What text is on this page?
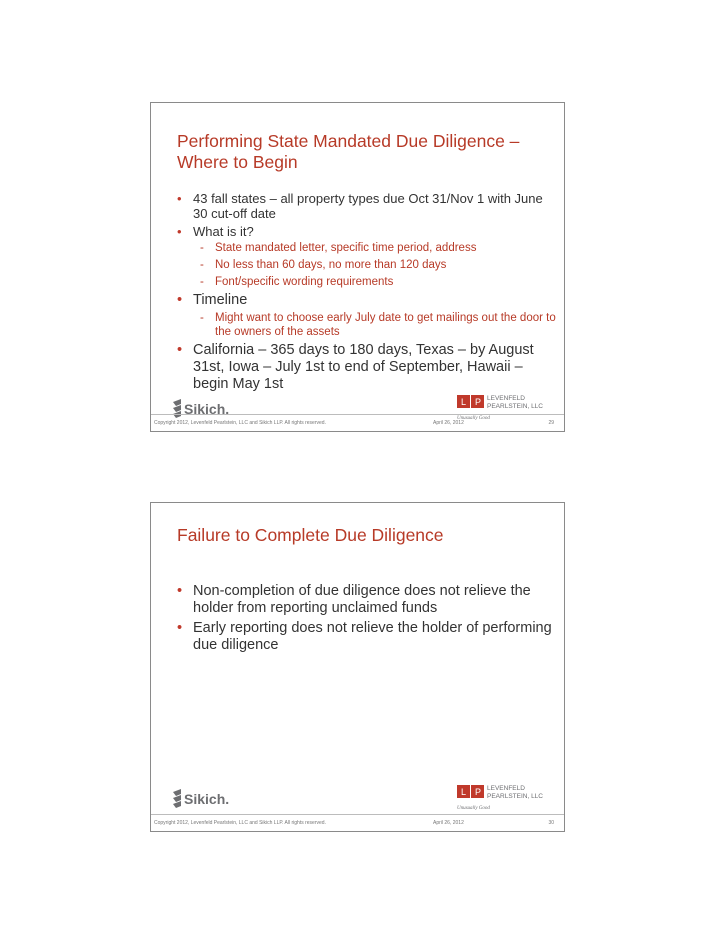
Performing State Mandated Due Diligence – Where to Begin
• 43 fall states – all property types due Oct 31/Nov 1 with June 30 cut-off date
• What is it?
- State mandated letter, specific time period, address
- No less than 60 days, no more than 120 days
- Font/specific wording requirements
• Timeline
- Might want to choose early July date to get mailings out the door to the owners of the assets
• California – 365 days to 180 days, Texas – by August 31st, Iowa – July 1st to end of September, Hawaii – begin May 1st
Sikich.	L P LEVENFELD
PEARLSTEIN, LLC
Unusually Good
Copyright 2012, Levenfeld Pearlstein, LLC and Sikich LLP. All rights reserved.	April 26, 2012	29
Failure to Complete Due Diligence
• Non-completion of due diligence does not relieve the holder from reporting unclaimed funds
• Early reporting does not relieve the holder of performing due diligence
Sikich.	L P LEVENFELD
PEARLSTEIN, LLC
Unusually Good
Copyright 2012, Levenfeld Pearlstein, LLC and Sikich LLP. All rights reserved.	April 26, 2012	30
